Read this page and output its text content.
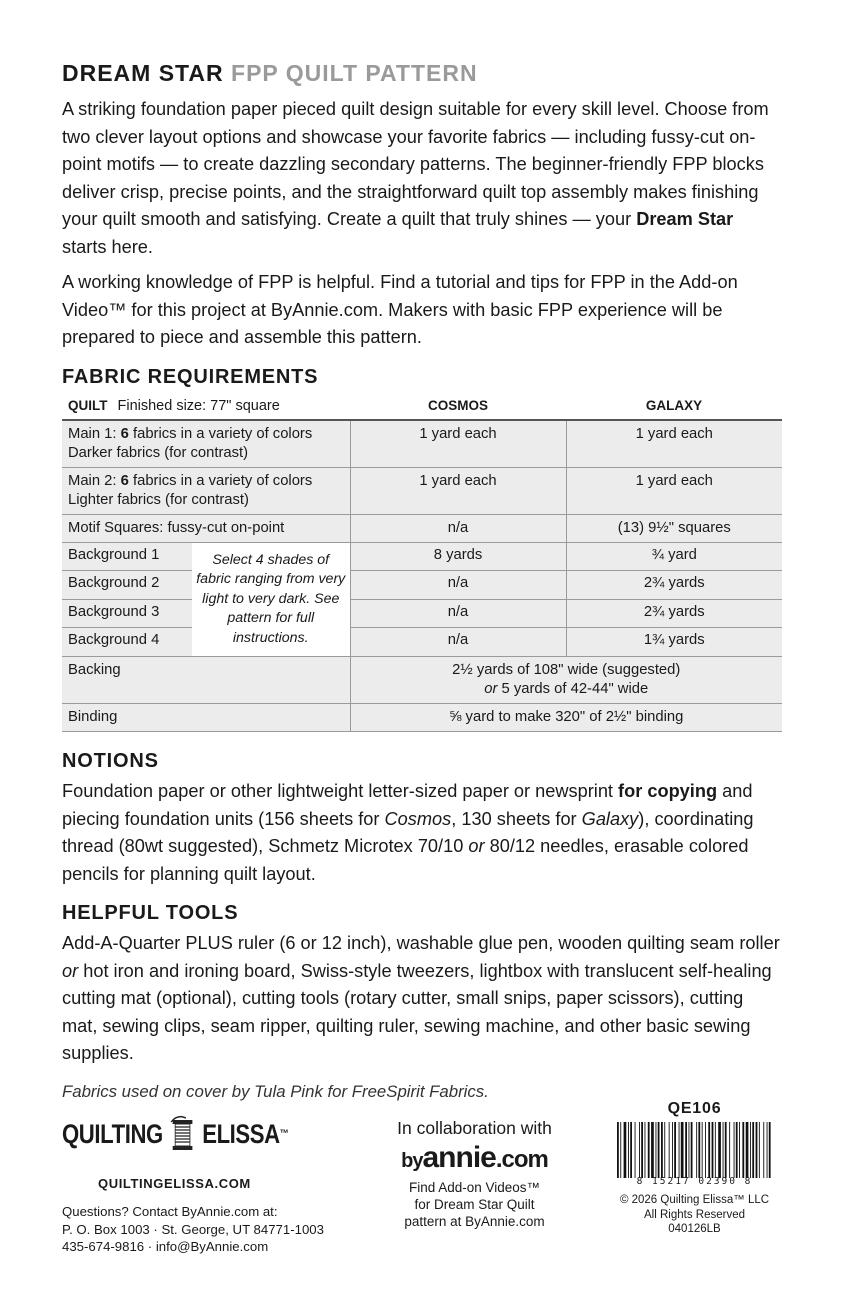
DREAM STAR FPP QUILT PATTERN

A striking foundation paper pieced quilt design suitable for every skill level. Choose from two clever layout options and showcase your favorite fabrics — including fussy-cut on-point motifs — to create dazzling secondary patterns. The beginner-friendly FPP blocks deliver crisp, precise points, and the straightforward quilt top assembly makes finishing your quilt smooth and satisfying. Create a quilt that truly shines — your Dream Star starts here.

A working knowledge of FPP is helpful. Find a tutorial and tips for FPP in the Add-on Video™ for this project at ByAnnie.com. Makers with basic FPP experience will be prepared to piece and assemble this pattern.

FABRIC REQUIREMENTS
QUILT Finished size: 77" square		COSMOS	GALAXY
Main 1: 6 fabrics in a variety of colors
Darker fabrics (for contrast)		1 yard each	1 yard each
Main 2: 6 fabrics in a variety of colors
Lighter fabrics (for contrast)		1 yard each	1 yard each
Motif Squares: fussy-cut on-point		n/a	(13) 9½" squares
Background 1	Select 4 shades of fabric ranging from very light to very dark. See pattern for full instructions.	8 yards	¾ yard
Background 2		n/a	2¾ yards
Background 3		n/a	2¾ yards
Background 4		n/a	1¾ yards
Backing		2½ yards of 108" wide (suggested)
or 5 yards of 42-44" wide	
Binding		⅝ yard to make 320" of 2½" binding	
NOTIONS

Foundation paper or other lightweight letter-sized paper or newsprint for copying and piecing foundation units (156 sheets for Cosmos, 130 sheets for Galaxy), coordinating thread (80wt suggested), Schmetz Microtex 70/10 or 80/12 needles, erasable colored pencils for planning quilt layout.

HELPFUL TOOLS

Add-A-Quarter PLUS ruler (6 or 12 inch), washable glue pen, wooden quilting seam roller or hot iron and ironing board, Swiss-style tweezers, lightbox with translucent self-healing cutting mat (optional), cutting tools (rotary cutter, small snips, paper scissors), cutting mat, sewing clips, seam ripper, quilting ruler, sewing machine, and other basic sewing supplies.

Fabrics used on cover by Tula Pink for FreeSpirit Fabrics.
QUILTING ELISSA ™
QUILTINGELISSA.COM
Questions? Contact ByAnnie.com at:
P. O. Box 1003 · St. George, UT 84771-1003
435-674-9816 · info@ByAnnie.com
In collaboration with
byannie.com
Find Add-on Videos™
for Dream Star Quilt
pattern at ByAnnie.com
QE106
8 15217 02390 8
© 2026 Quilting Elissa™ LLC
All Rights Reserved
040126LB
